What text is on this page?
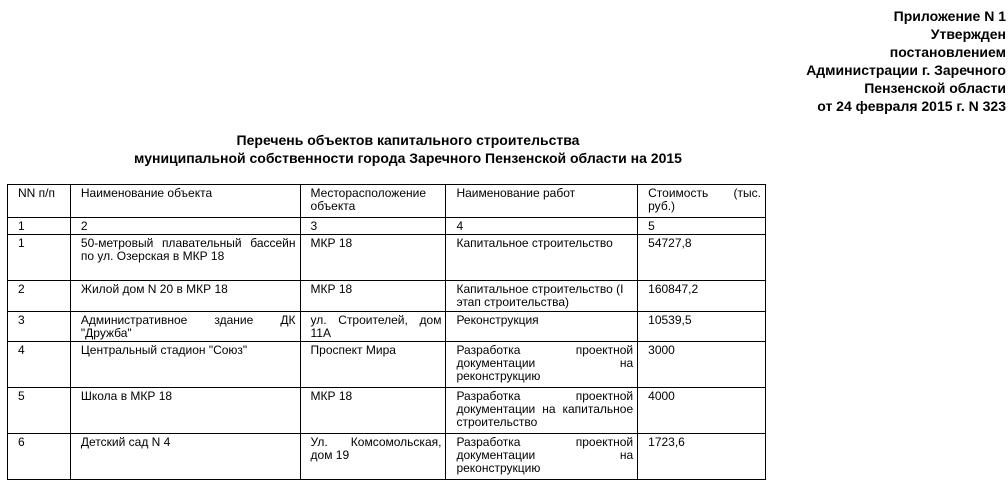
Приложение N 1
Утвержден
постановлением
Администрации г. Заречного
Пензенской области
от 24 февраля 2015 г. N 323
Перечень объектов капитального строительства
муниципальной собственности города Заречного Пензенской области на 2015
NN п/п	Наименование объекта	Месторасположение объекта	Наименование работ	Стоимость (тыс. руб.)
1	2	3	4	5
1	50-метровый плавательный бассейн по ул. Озерская в МКР 18	МКР 18	Капитальное строительство	54727,8
2	Жилой дом N 20 в МКР 18	МКР 18	Капитальное строительство (I этап строительства)	160847,2
3	Административное здание ДК "Дружба"	ул. Строителей, дом 11А	Реконструкция	10539,5
4	Центральный стадион "Союз"	Проспект Мира	Разработка проектной документации на реконструкцию	3000
5	Школа в МКР 18	МКР 18	Разработка проектной документации на капитальное строительство	4000
6	Детский сад N 4	Ул. Комсомольская, дом 19	Разработка проектной документации на реконструкцию	1723,6
